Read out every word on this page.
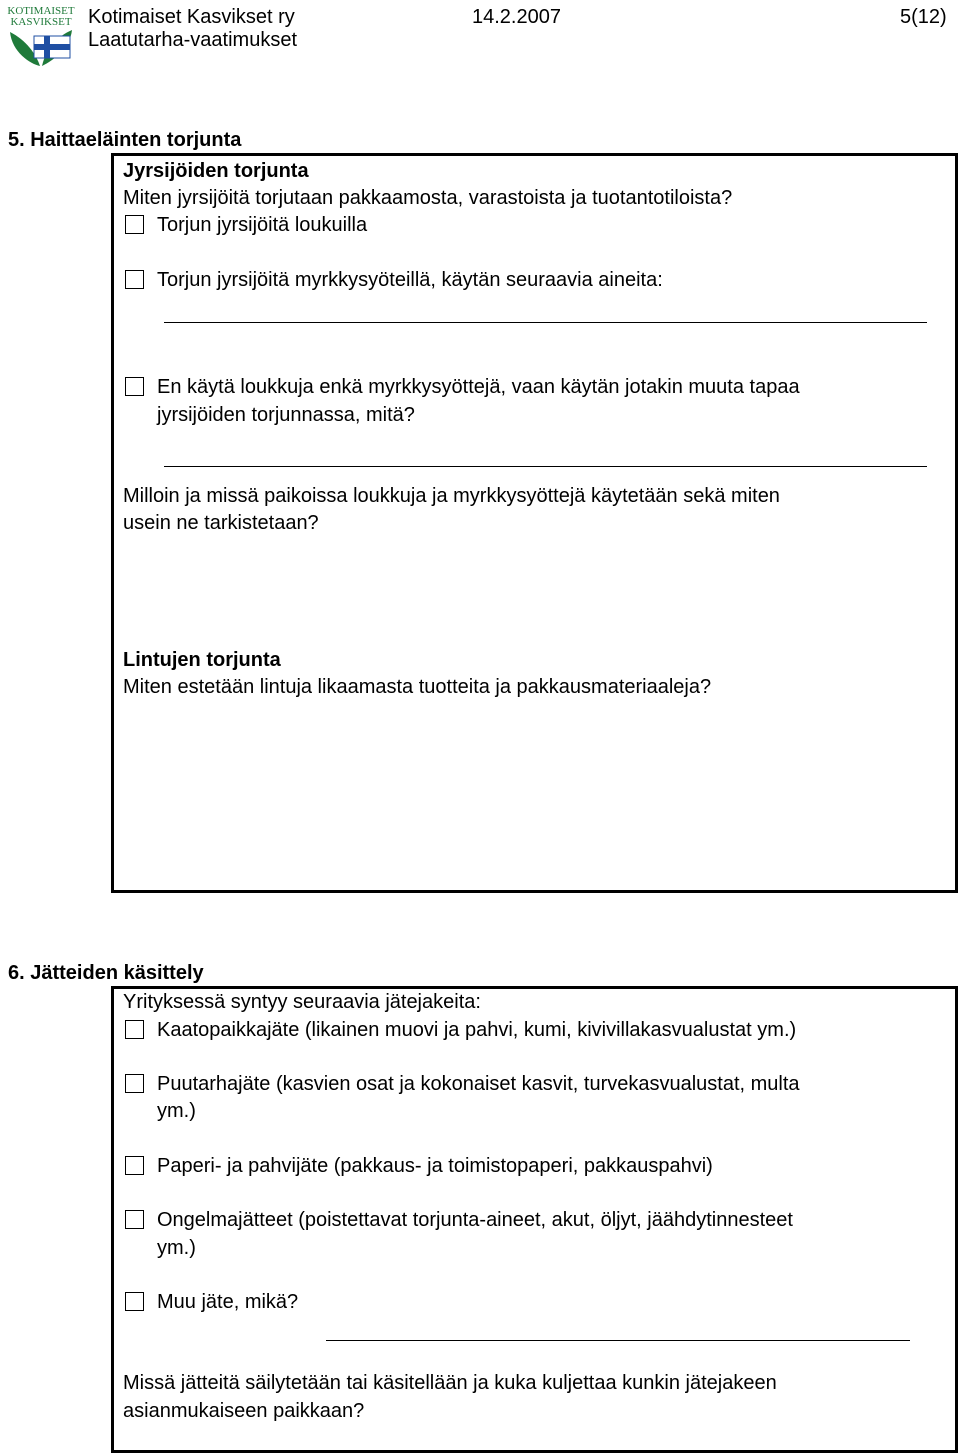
KOTIMAISET
KASVIKSET Kotimaiset Kasvikset ry
Laatutarha-vaatimukset
14.2.2007	5(12)
5. Haittaeläinten torjunta
Jyrsijöiden torjunta
Miten jyrsijöitä torjutaan pakkaamosta, varastoista ja tuotantotiloista?
Torjun jyrsijöitä loukuilla
Torjun jyrsijöitä myrkkysyöteillä, käytän seuraavia aineita:
En käytä loukkuja enkä myrkkysyöttejä, vaan käytän jotakin muuta tapaa
jyrsijöiden torjunnassa, mitä?
Milloin ja missä paikoissa loukkuja ja myrkkysyöttejä käytetään sekä miten
usein ne tarkistetaan?
Lintujen torjunta
Miten estetään lintuja likaamasta tuotteita ja pakkausmateriaaleja?
6. Jätteiden käsittely
Yrityksessä syntyy seuraavia jätejakeita:
Kaatopaikkajäte (likainen muovi ja pahvi, kumi, kivivillakasvualustat ym.)
Puutarhajäte (kasvien osat ja kokonaiset kasvit, turvekasvualustat, multa
ym.)
Paperi- ja pahvijäte (pakkaus- ja toimistopaperi, pakkauspahvi)
Ongelmajätteet (poistettavat torjunta-aineet, akut, öljyt, jäähdytinnesteet
ym.)
Muu jäte, mikä?
Missä jätteitä säilytetään tai käsitellään ja kuka kuljettaa kunkin jätejakeen
asianmukaiseen paikkaan?
